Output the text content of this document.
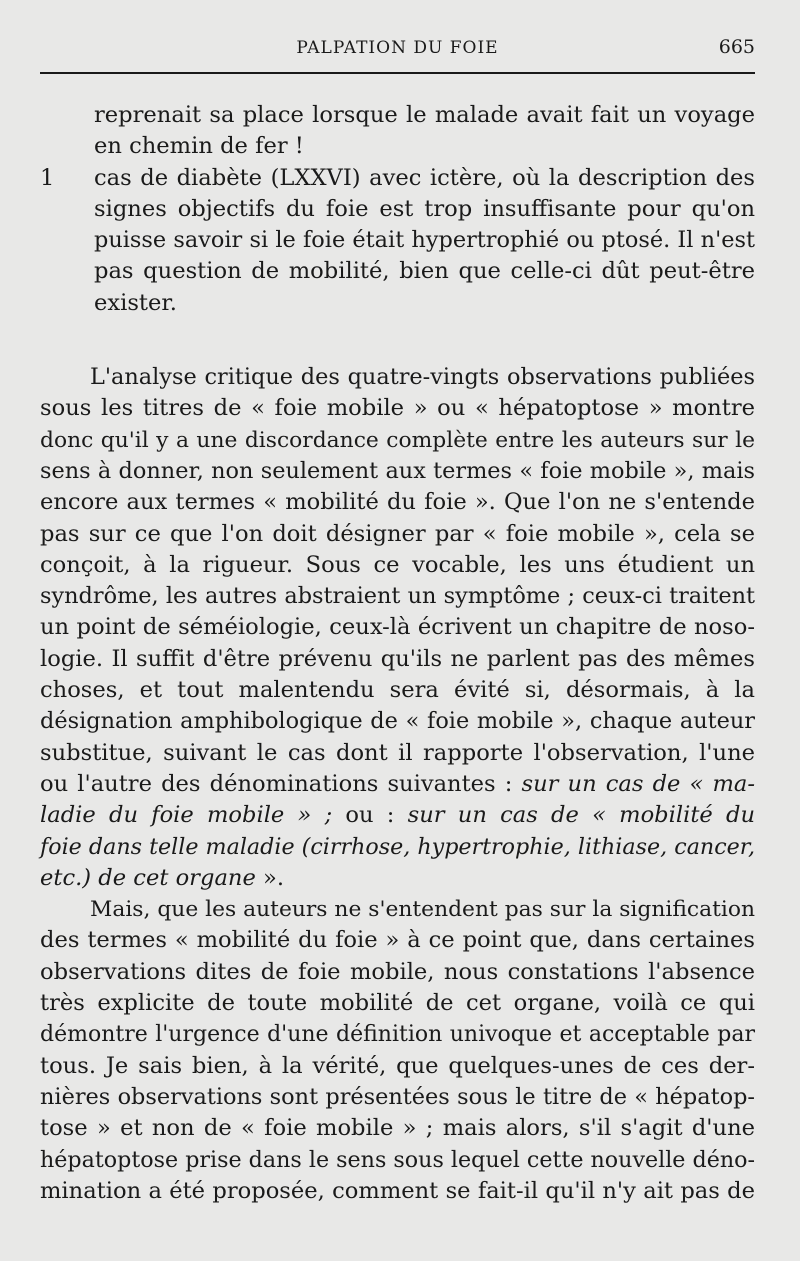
PALPATION DU FOIE	665
reprenait sa place lorsque le malade avait fait un voyage
en chemin de fer !
1 cas de diabète (LXXVI) avec ictère, où la description des
signes objectifs du foie est trop insuffisante pour qu'on
puisse savoir si le foie était hypertrophié ou ptosé. Il n'est
pas question de mobilité, bien que celle-ci dût peut-être
exister.
L'analyse critique des quatre-vingts observations publiées
sous les titres de « foie mobile » ou « hépatoptose » montre
donc qu'il y a une discordance complète entre les auteurs sur le
sens à donner, non seulement aux termes « foie mobile », mais
encore aux termes « mobilité du foie ». Que l'on ne s'entende
pas sur ce que l'on doit désigner par « foie mobile », cela se
conçoit, à la rigueur. Sous ce vocable, les uns étudient un
syndrôme, les autres abstraient un symptôme ; ceux-ci traitent
un point de séméiologie, ceux-là écrivent un chapitre de noso-
logie. Il suffit d'être prévenu qu'ils ne parlent pas des mêmes
choses, et tout malentendu sera évité si, désormais, à la
désignation amphibologique de « foie mobile », chaque auteur
substitue, suivant le cas dont il rapporte l'observation, l'une
ou l'autre des dénominations suivantes : sur un cas de « ma-
ladie du foie mobile » ; ou : sur un cas de « mobilité du
foie dans telle maladie (cirrhose, hypertrophie, lithiase, cancer,
etc.) de cet organe ».
Mais, que les auteurs ne s'entendent pas sur la signification
des termes « mobilité du foie » à ce point que, dans certaines
observations dites de foie mobile, nous constations l'absence
très explicite de toute mobilité de cet organe, voilà ce qui
démontre l'urgence d'une définition univoque et acceptable par
tous. Je sais bien, à la vérité, que quelques-unes de ces der-
nières observations sont présentées sous le titre de « hépatop-
tose » et non de « foie mobile » ; mais alors, s'il s'agit d'une
hépatoptose prise dans le sens sous lequel cette nouvelle déno-
mination a été proposée, comment se fait-il qu'il n'y ait pas de
